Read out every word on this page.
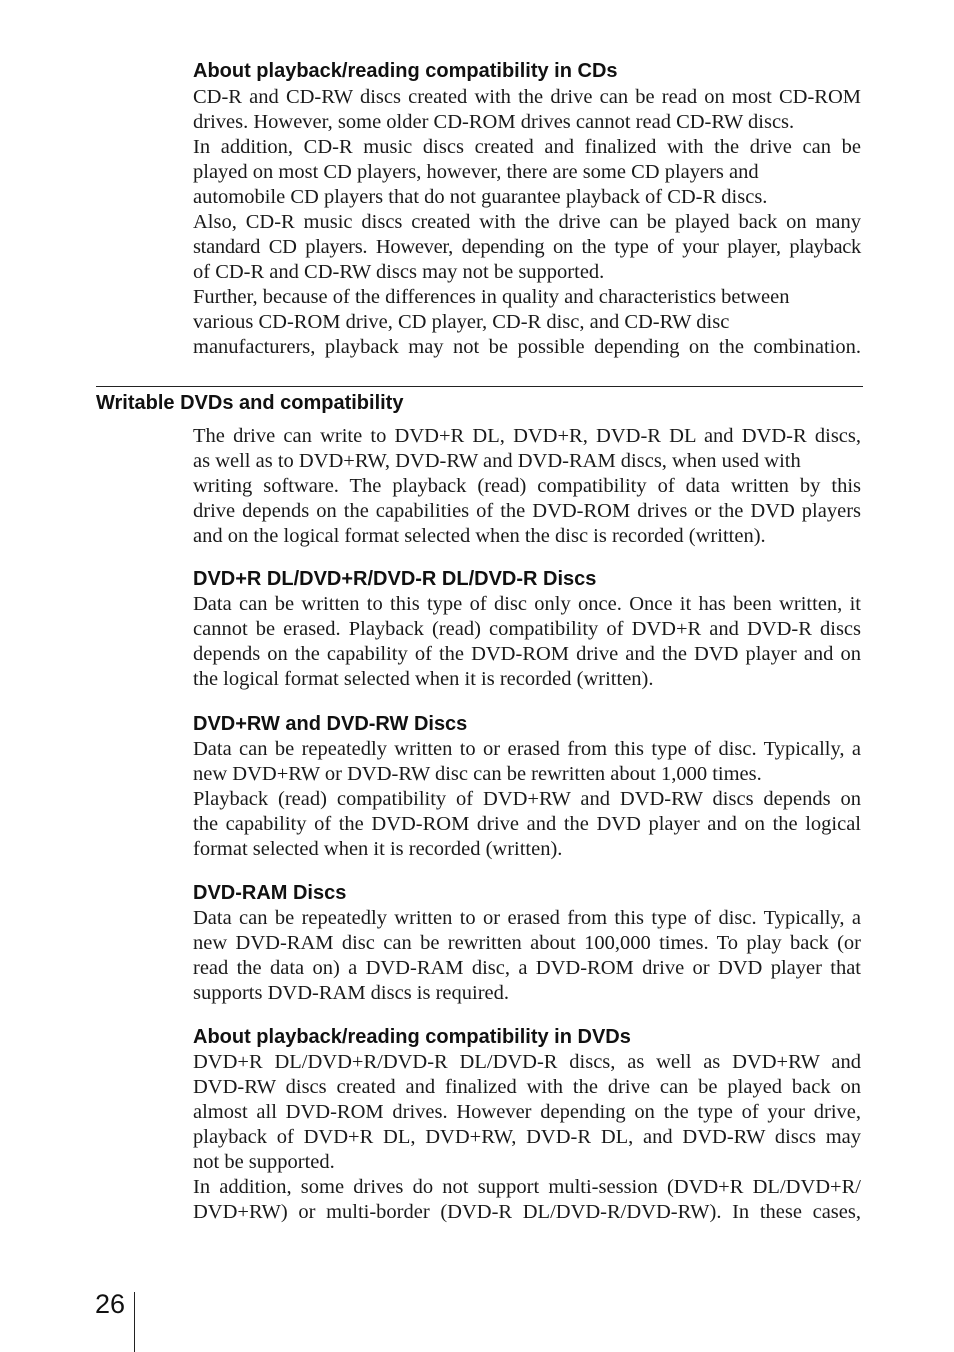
About playback/reading compatibility in CDs
CD-R and CD-RW discs created with the drive can be read on most CD-ROM
drives. However, some older CD-ROM drives cannot read CD-RW discs.
In addition, CD-R music discs created and finalized with the drive can be
played on most CD players, however, there are some CD players and
automobile CD players that do not guarantee playback of CD-R discs.
Also, CD-R music discs created with the drive can be played back on many
standard CD players. However, depending on the type of your player, playback
of CD-R and CD-RW discs may not be supported.
Further, because of the differences in quality and characteristics between
various CD-ROM drive, CD player, CD-R disc, and CD-RW disc
manufacturers, playback may not be possible depending on the combination.
Writable DVDs and compatibility
The drive can write to DVD+R DL, DVD+R, DVD-R DL and DVD-R discs,
as well as to DVD+RW, DVD-RW and DVD-RAM discs, when used with
writing software. The playback (read) compatibility of data written by this
drive depends on the capabilities of the DVD-ROM drives or the DVD players
and on the logical format selected when the disc is recorded (written).
DVD+R DL/DVD+R/DVD-R DL/DVD-R Discs
Data can be written to this type of disc only once. Once it has been written, it
cannot be erased. Playback (read) compatibility of DVD+R and DVD-R discs
depends on the capability of the DVD-ROM drive and the DVD player and on
the logical format selected when it is recorded (written).
DVD+RW and DVD-RW Discs
Data can be repeatedly written to or erased from this type of disc. Typically, a
new DVD+RW or DVD-RW disc can be rewritten about 1,000 times.
Playback (read) compatibility of DVD+RW and DVD-RW discs depends on
the capability of the DVD-ROM drive and the DVD player and on the logical
format selected when it is recorded (written).
DVD-RAM Discs
Data can be repeatedly written to or erased from this type of disc. Typically, a
new DVD-RAM disc can be rewritten about 100,000 times. To play back (or
read the data on) a DVD-RAM disc, a DVD-ROM drive or DVD player that
supports DVD-RAM discs is required.
About playback/reading compatibility in DVDs
DVD+R DL/DVD+R/DVD-R DL/DVD-R discs, as well as DVD+RW and
DVD-RW discs created and finalized with the drive can be played back on
almost all DVD-ROM drives. However depending on the type of your drive,
playback of DVD+R DL, DVD+RW, DVD-R DL, and DVD-RW discs may
not be supported.
In addition, some drives do not support multi-session (DVD+R DL/DVD+R/
DVD+RW) or multi-border (DVD-R DL/DVD-R/DVD-RW). In these cases,
26
